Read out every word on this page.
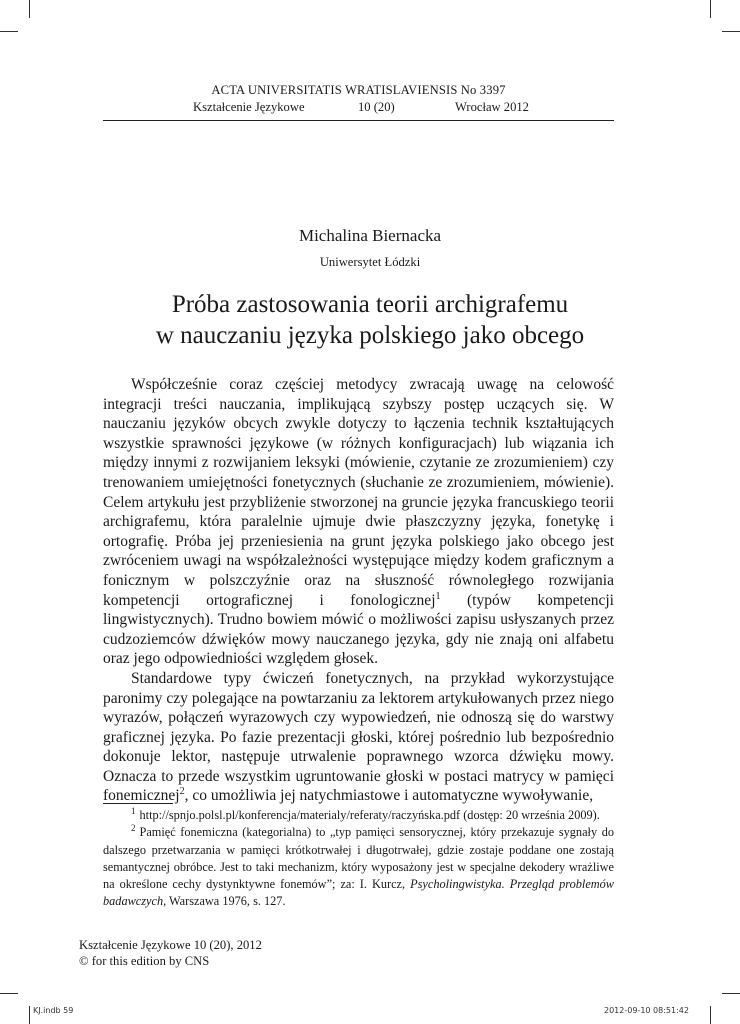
ACTA UNIVERSITATIS WRATISLAVIENSIS No 3397
Kształcenie Językowe	10 (20)	Wrocław 2012
Michalina Biernacka
Uniwersytet Łódzki
Próba zastosowania teorii archigrafemu
w nauczaniu języka polskiego jako obcego

Współcześnie coraz częściej metodycy zwracają uwagę na celowość integracji treści nauczania, implikującą szybszy postęp uczących się. W nauczaniu języków obcych zwykle dotyczy to łączenia technik kształtujących wszystkie sprawności językowe (w różnych konfiguracjach) lub wiązania ich między innymi z rozwijaniem leksyki (mówienie, czytanie ze zrozumieniem) czy trenowaniem umiejętności fonetycznych (słuchanie ze zrozumieniem, mówienie). Celem artykułu jest przybliżenie stworzonej na gruncie języka francuskiego teorii archigrafemu, która paralelnie ujmuje dwie płaszczyzny języka, fonetykę i ortografię. Próba jej przeniesienia na grunt języka polskiego jako obcego jest zwróceniem uwagi na współzależności występujące między kodem graficznym a fonicznym w polszczyźnie oraz na słuszność równoległego rozwijania kompetencji ortograficznej i fonologicznej$^1$ (typów kompetencji lingwistycznych). Trudno bowiem mówić o możliwości zapisu usłyszanych przez cudzoziemców dźwięków mowy nauczanego języka, gdy nie znają oni alfabetu oraz jego odpowiedniości względem głosek.

Standardowe typy ćwiczeń fonetycznych, na przykład wykorzystujące paronimy czy polegające na powtarzaniu za lektorem artykułowanych przez niego wyrazów, połączeń wyrazowych czy wypowiedzeń, nie odnoszą się do warstwy graficznej języka. Po fazie prezentacji głoski, której pośrednio lub bezpośrednio dokonuje lektor, następuje utrwalenie poprawnego wzorca dźwięku mowy. Oznacza to przede wszystkim ugruntowanie głoski w postaci matrycy w pamięci fonemicznej$^2$, co umożliwia jej natychmiastowe i automatyczne wywoływanie,

$^1$ http://spnjo.polsl.pl/konferencja/materialy/referaty/raczyńska.pdf (dostęp: 20 września 2009).

$^2$ Pamięć fonemiczna (kategorialna) to „typ pamięci sensorycznej, który przekazuje sygnały do dalszego przetwarzania w pamięci krótkotrwałej i długotrwałej, gdzie zostaje poddane one zostają semantycznej obróbce. Jest to taki mechanizm, który wyposażony jest w specjalne dekodery wrażliwe na określone cechy dystynktywne fonemów”; za: I. Kurcz, Psycholingwistyka. Przegląd problemów badawczych, Warszawa 1976, s. 127.

Kształcenie Językowe 10 (20), 2012
© for this edition by CNS
KJ.indb 59	2012-09-10 08:51:42
